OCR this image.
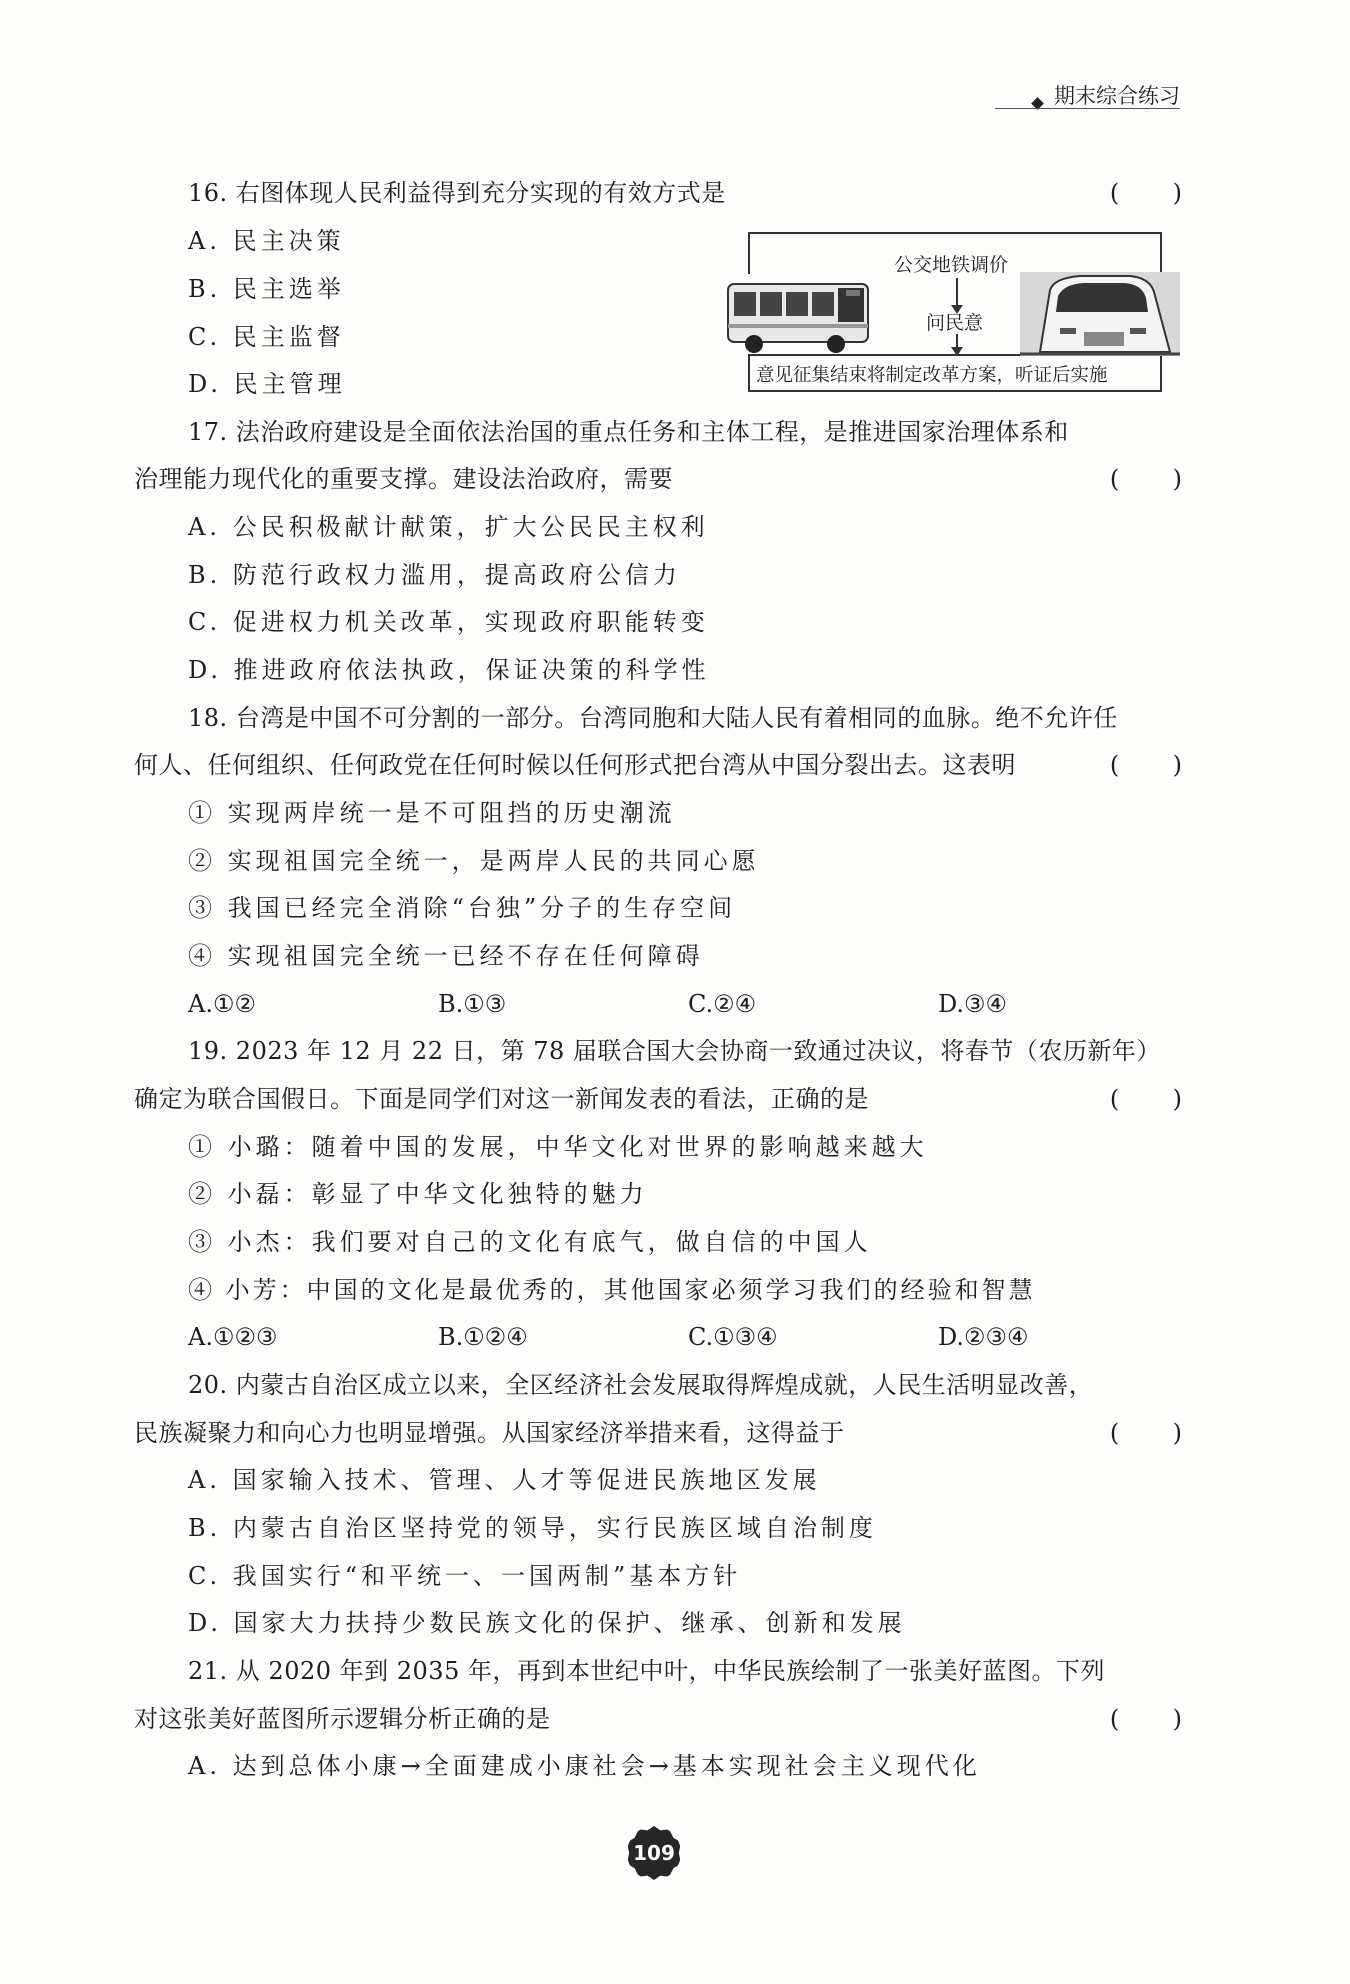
期末综合练习
16. 右图体现人民利益得到充分实现的有效方式是	(       )
A. 民主决策
B. 民主选举
C. 民主监督
D. 民主管理
公交地铁调价
问民意
意见征集结束将制定改革方案，听证后实施
17. 法治政府建设是全面依法治国的重点任务和主体工程，是推进国家治理体系和
治理能力现代化的重要支撑。建设法治政府，需要	(       )
A. 公民积极献计献策，扩大公民民主权利
B. 防范行政权力滥用，提高政府公信力
C. 促进权力机关改革，实现政府职能转变
D. 推进政府依法执政，保证决策的科学性
18. 台湾是中国不可分割的一部分。台湾同胞和大陆人民有着相同的血脉。绝不允许任
何人、任何组织、任何政党在任何时候以任何形式把台湾从中国分裂出去。这表明	(       )
① 实现两岸统一是不可阻挡的历史潮流
② 实现祖国完全统一，是两岸人民的共同心愿
③ 我国已经完全消除“台独”分子的生存空间
④ 实现祖国完全统一已经不存在任何障碍
A.①②	B.①③	C.②④	D.③④
19. 2023 年 12 月 22 日，第 78 届联合国大会协商一致通过决议，将春节（农历新年）
确定为联合国假日。下面是同学们对这一新闻发表的看法，正确的是	(       )
① 小璐：随着中国的发展，中华文化对世界的影响越来越大
② 小磊：彰显了中华文化独特的魅力
③ 小杰：我们要对自己的文化有底气，做自信的中国人
④ 小芳：中国的文化是最优秀的，其他国家必须学习我们的经验和智慧
A.①②③	B.①②④	C.①③④	D.②③④
20. 内蒙古自治区成立以来，全区经济社会发展取得辉煌成就，人民生活明显改善，
民族凝聚力和向心力也明显增强。从国家经济举措来看，这得益于	(       )
A. 国家输入技术、管理、人才等促进民族地区发展
B. 内蒙古自治区坚持党的领导，实行民族区域自治制度
C. 我国实行“和平统一、一国两制”基本方针
D. 国家大力扶持少数民族文化的保护、继承、创新和发展
21. 从 2020 年到 2035 年，再到本世纪中叶，中华民族绘制了一张美好蓝图。下列
对这张美好蓝图所示逻辑分析正确的是	(       )
A. 达到总体小康→全面建成小康社会→基本实现社会主义现代化
109
